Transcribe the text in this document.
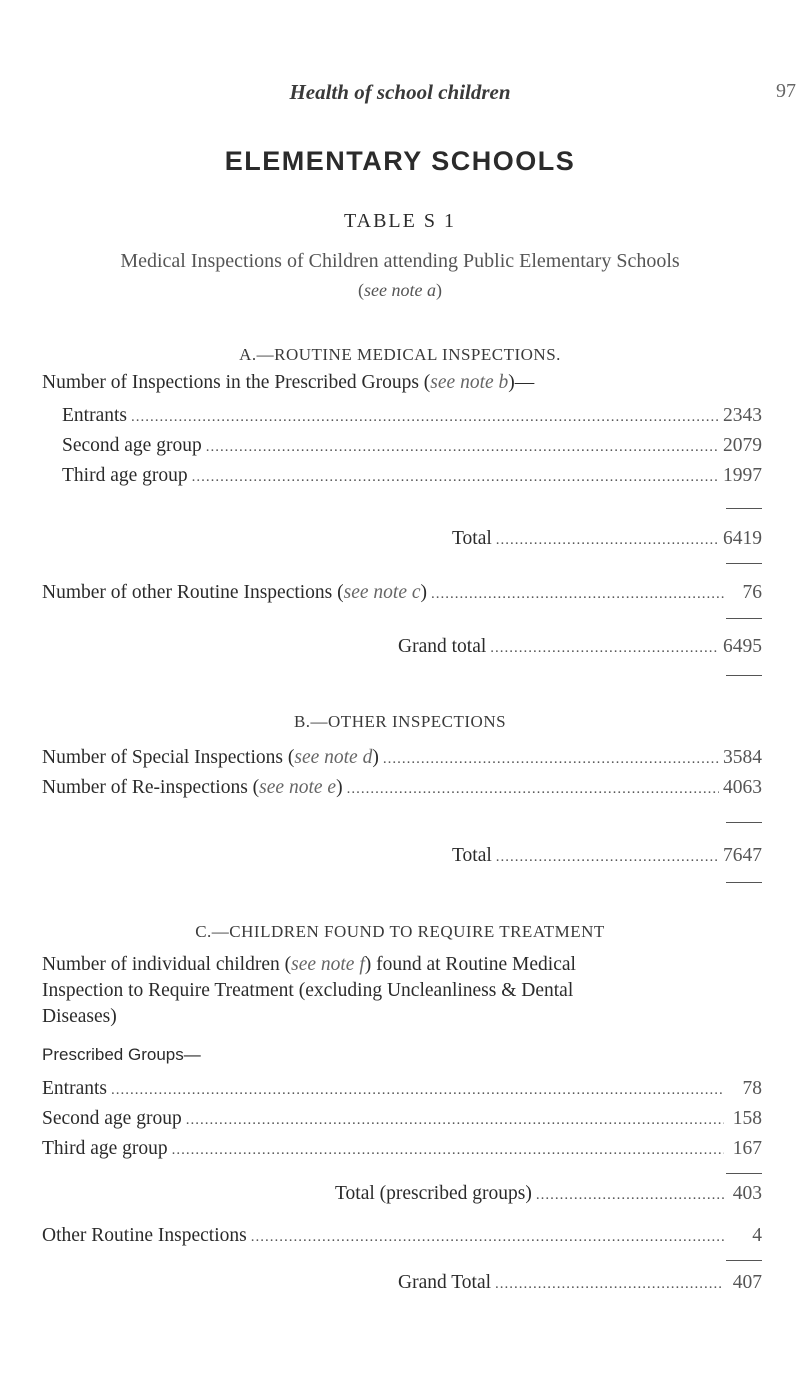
Health of school children	97
ELEMENTARY SCHOOLS
TABLE S 1
Medical Inspections of Children attending Public Elementary Schools
(see note a)
A.—ROUTINE MEDICAL INSPECTIONS.
Number of Inspections in the Prescribed Groups (see note b)—
Entrants .....	2343
Second age group .....	2079
Third age group .....	1997
Total .....	6419
Number of other Routine Inspections (see note c) .....	76
Grand total .....	6495
B.—OTHER INSPECTIONS
Number of Special Inspections (see note d) .....	3584
Number of Re-inspections (see note e) .....	4063
Total .....	7647
C.—CHILDREN FOUND TO REQUIRE TREATMENT
Number of individual children (see note f) found at Routine Medical
Inspection to Require Treatment (excluding Uncleanliness & Dental
Diseases)
Prescribed Groups—
Entrants .....	78
Second age group .....	158
Third age group .....	167
Total (prescribed groups) .....	403
Other Routine Inspections .....	4
Grand Total .....	407
